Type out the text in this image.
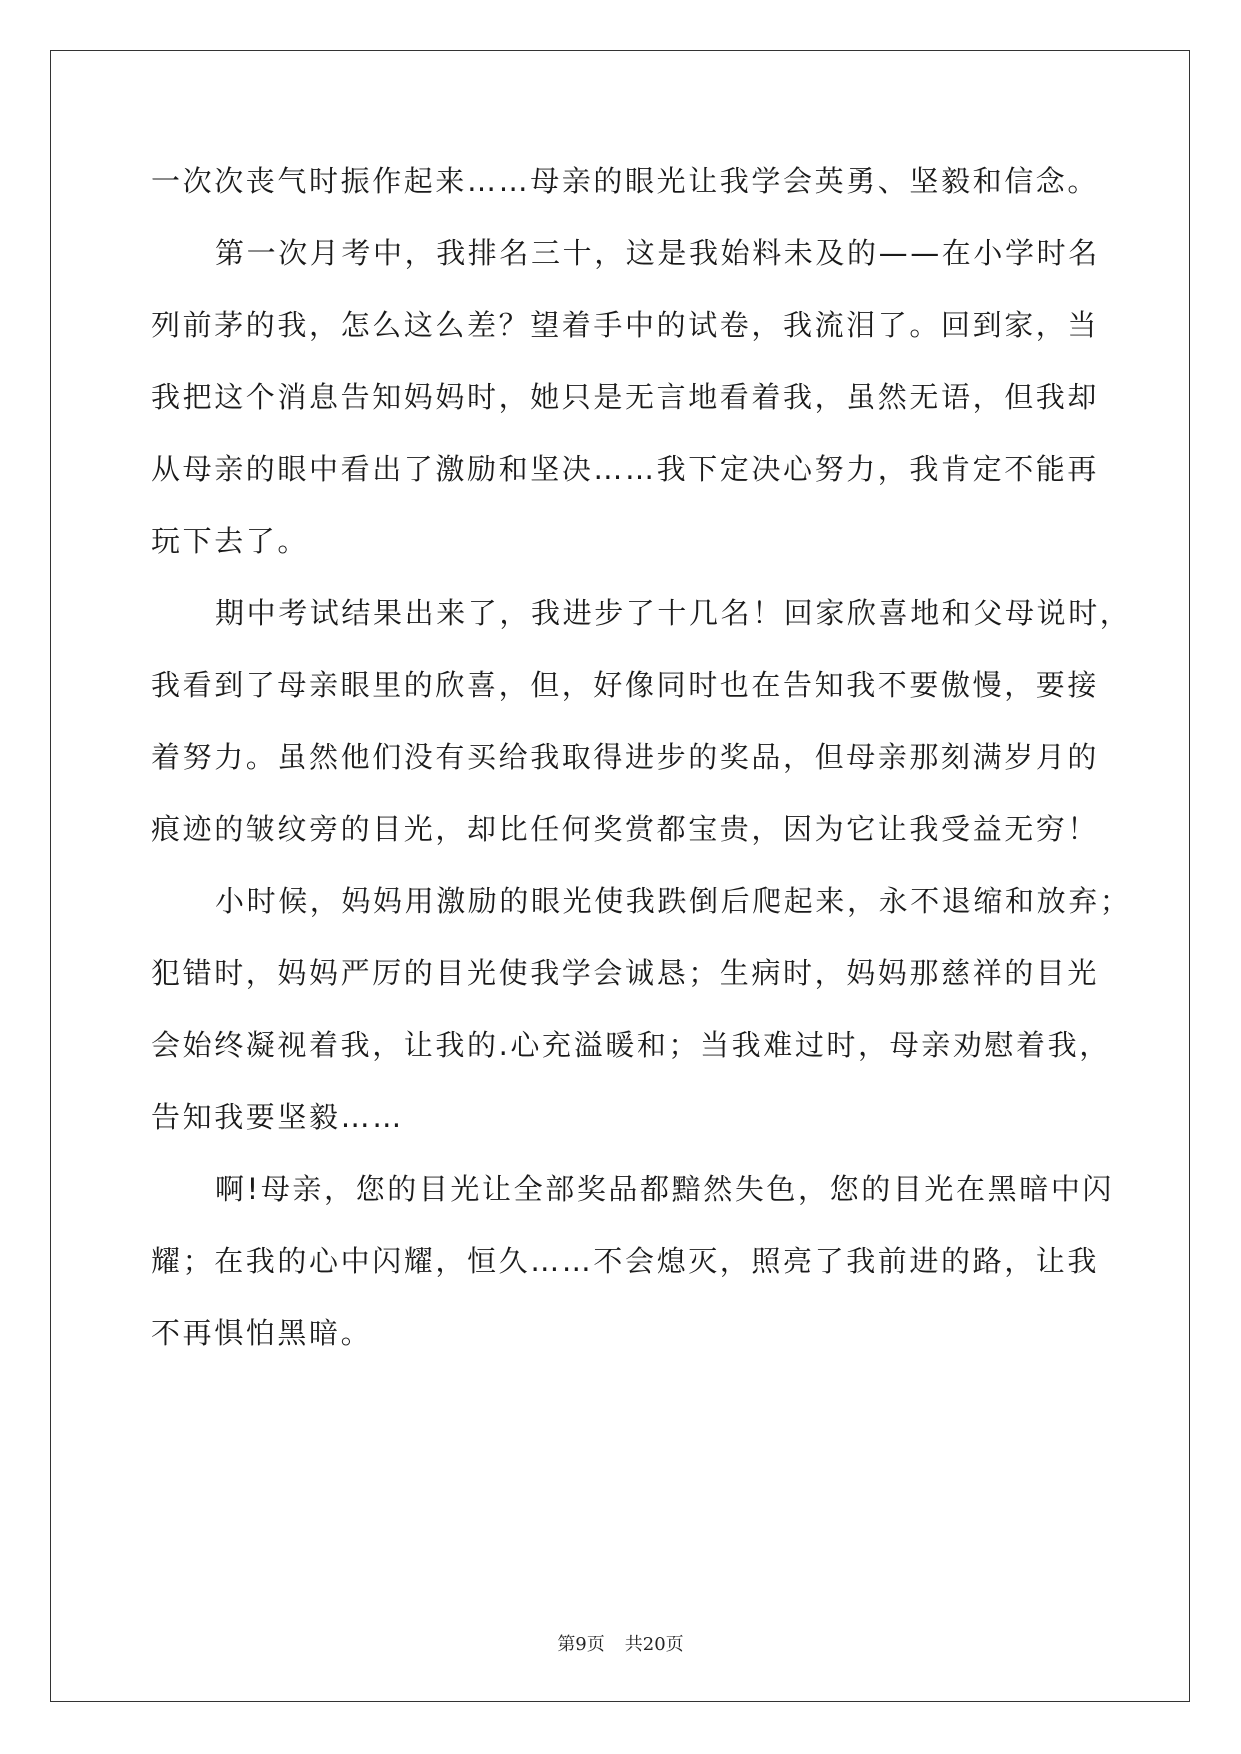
一次次丧气时振作起来……母亲的眼光让我学会英勇、坚毅和信念。
第一次月考中，我排名三十，这是我始料未及的——在小学时名
列前茅的我，怎么这么差？望着手中的试卷，我流泪了。回到家，当
我把这个消息告知妈妈时，她只是无言地看着我，虽然无语，但我却
从母亲的眼中看出了激励和坚决……我下定决心努力，我肯定不能再
玩下去了。
期中考试结果出来了，我进步了十几名！回家欣喜地和父母说时，
我看到了母亲眼里的欣喜，但，好像同时也在告知我不要傲慢，要接
着努力。虽然他们没有买给我取得进步的奖品，但母亲那刻满岁月的
痕迹的皱纹旁的目光，却比任何奖赏都宝贵，因为它让我受益无穷！
小时候，妈妈用激励的眼光使我跌倒后爬起来，永不退缩和放弃；
犯错时，妈妈严厉的目光使我学会诚恳；生病时，妈妈那慈祥的目光
会始终凝视着我，让我的.心充溢暖和；当我难过时，母亲劝慰着我，
告知我要坚毅……
啊!母亲，您的目光让全部奖品都黯然失色，您的目光在黑暗中闪
耀；在我的心中闪耀，恒久……不会熄灭，照亮了我前进的路，让我
不再惧怕黑暗。
第9页 共20页
